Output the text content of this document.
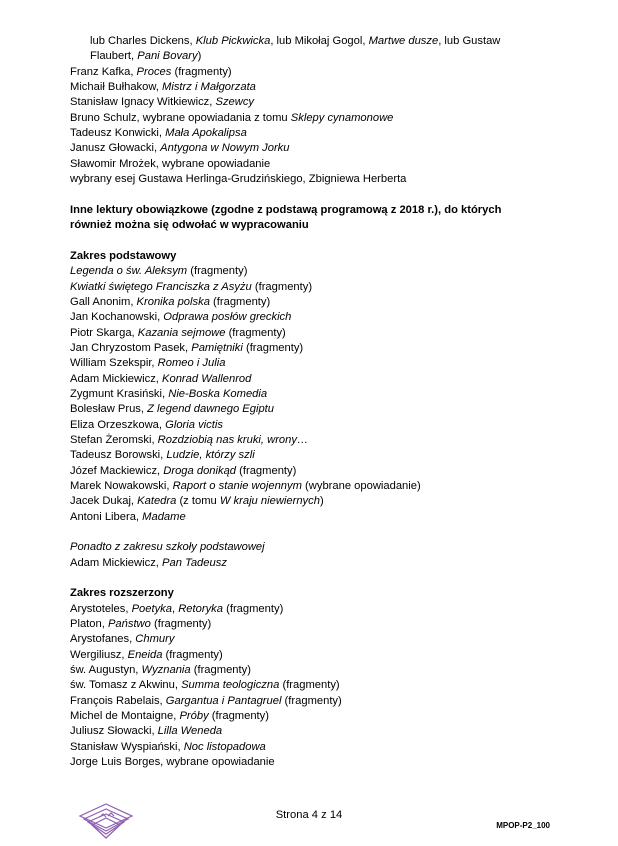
lub Charles Dickens, Klub Pickwicka, lub Mikołaj Gogol, Martwe dusze, lub Gustaw
Flaubert, Pani Bovary)
Franz Kafka, Proces (fragmenty)
Michaił Bułhakow, Mistrz i Małgorzata
Stanisław Ignacy Witkiewicz, Szewcy
Bruno Schulz, wybrane opowiadania z tomu Sklepy cynamonowe
Tadeusz Konwicki, Mała Apokalipsa
Janusz Głowacki, Antygona w Nowym Jorku
Sławomir Mrożek, wybrane opowiadanie
wybrany esej Gustawa Herlinga-Grudzińskiego, Zbigniewa Herberta
Inne lektury obowiązkowe (zgodne z podstawą programową z 2018 r.), do których
również można się odwołać w wypracowaniu
Zakres podstawowy
Legenda o św. Aleksym (fragmenty)
Kwiatki świętego Franciszka z Asyżu (fragmenty)
Gall Anonim, Kronika polska (fragmenty)
Jan Kochanowski, Odprawa posłów greckich
Piotr Skarga, Kazania sejmowe (fragmenty)
Jan Chryzostom Pasek, Pamiętniki (fragmenty)
William Szekspir, Romeo i Julia
Adam Mickiewicz, Konrad Wallenrod
Zygmunt Krasiński, Nie-Boska Komedia
Bolesław Prus, Z legend dawnego Egiptu
Eliza Orzeszkowa, Gloria victis
Stefan Żeromski, Rozdziobią nas kruki, wrony…
Tadeusz Borowski, Ludzie, którzy szli
Józef Mackiewicz, Droga donikąd (fragmenty)
Marek Nowakowski, Raport o stanie wojennym (wybrane opowiadanie)
Jacek Dukaj, Katedra (z tomu W kraju niewiernych)
Antoni Libera, Madame
Ponadto z zakresu szkoły podstawowej
Adam Mickiewicz, Pan Tadeusz
Zakres rozszerzony
Arystoteles, Poetyka, Retoryka (fragmenty)
Platon, Państwo (fragmenty)
Arystofanes, Chmury
Wergiliusz, Eneida (fragmenty)
św. Augustyn, Wyznania (fragmenty)
św. Tomasz z Akwinu, Summa teologiczna (fragmenty)
François Rabelais, Gargantua i Pantagruel (fragmenty)
Michel de Montaigne, Próby (fragmenty)
Juliusz Słowacki, Lilla Weneda
Stanisław Wyspiański, Noc listopadowa
Jorge Luis Borges, wybrane opowiadanie
Strona 4 z 14
MPOP-P2_100
